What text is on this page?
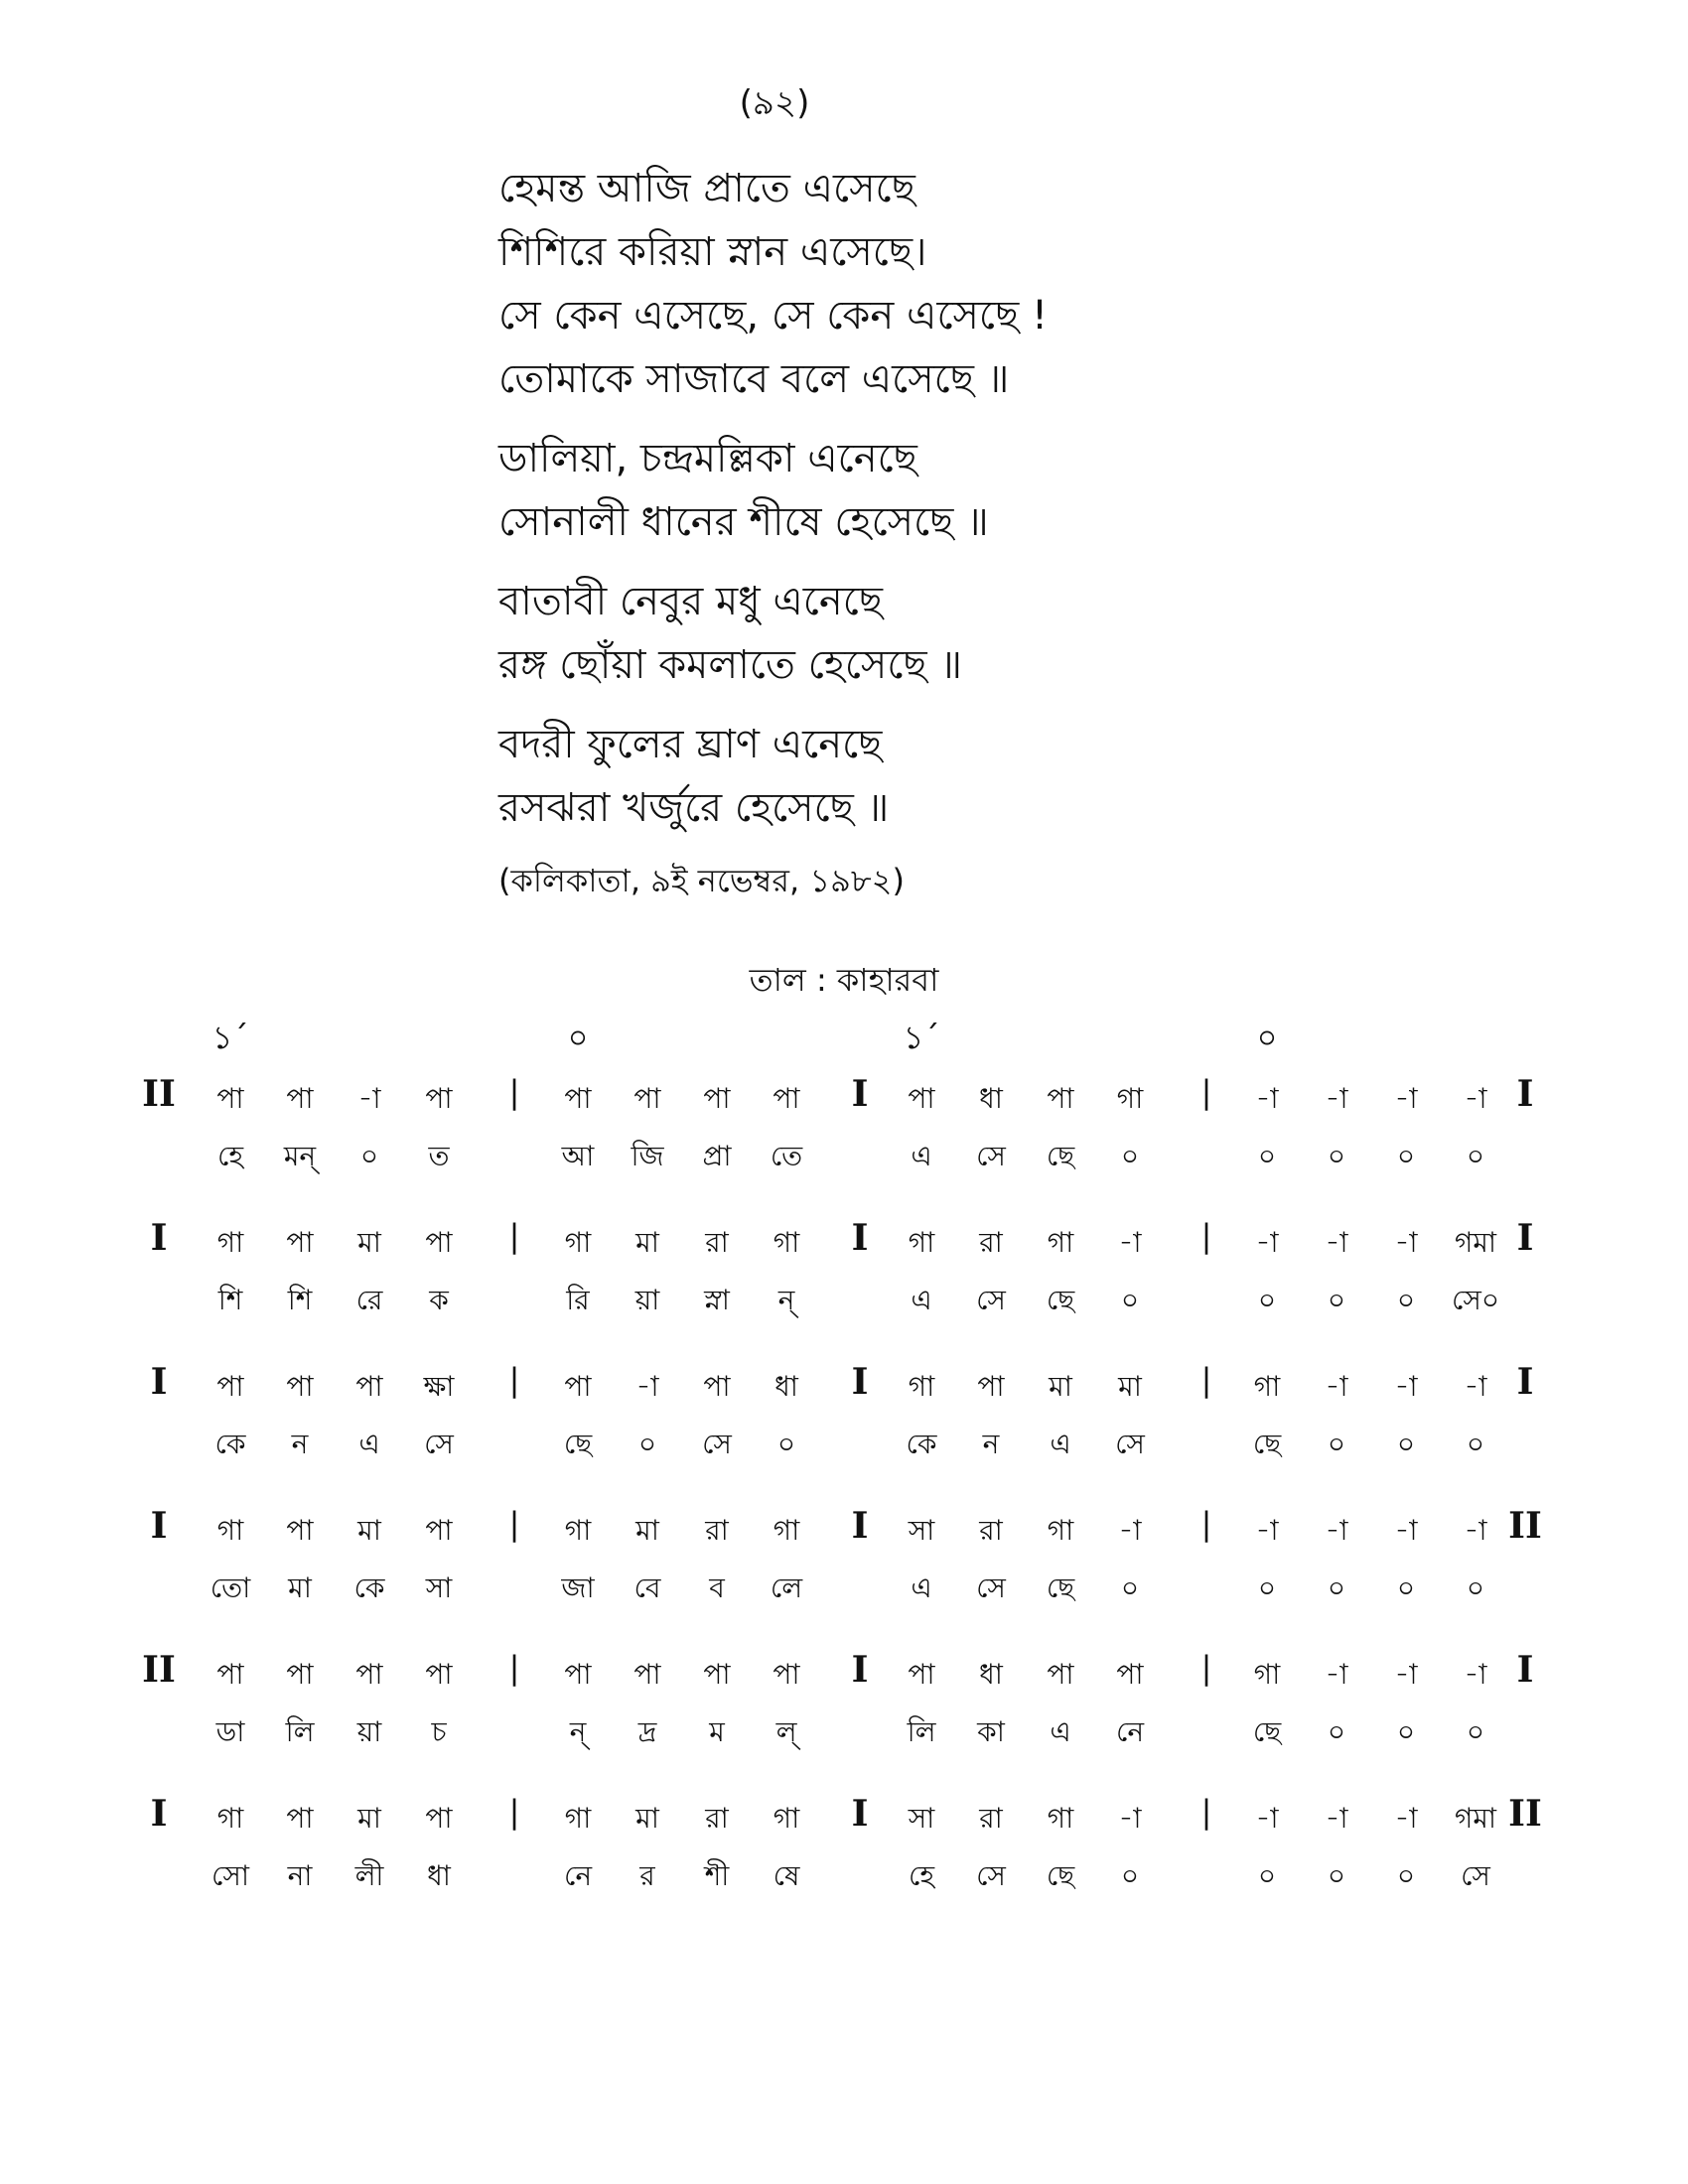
(৯২)
হেমন্ত আজি প্রাতে এসেছে
শিশিরে করিয়া স্নান এসেছে।
সে কেন এসেছে, সে কেন এসেছে !
তোমাকে সাজাবে বলে এসেছে ॥
ডালিয়া, চন্দ্রমল্লিকা এনেছে
সোনালী ধানের শীষে হেসেছে ॥
বাতাবী নেবুর মধু এনেছে
রঙ্গ ছোঁয়া কমলাতে হেসেছে ॥
বদরী ফুলের ঘ্রাণ এনেছে
রসঝরা খর্জুরে হেসেছে ॥
(কলিকাতা, ৯ই নভেম্বর, ১৯৮২)
তাল : কাহারবা
১´	০	১´	০
II	|	I	|	I
পা পা -া পা	পা পা পা পা	পা ধা পা গা	-া -া -া -া
হে মন্ ০ ত	আ জি প্রা তে	এ সে ছে ০	০ ০ ০ ০
I	|	I	|	I
গা পা মা পা	গা মা রা গা	গা রা গা -া	-া -া -া গমা
শি শি রে ক	রি য়া স্না ন্	এ সে ছে ০	০ ০ ০ সে০
I	|	I	|	I
পা পা পা ক্ষা	পা -া পা ধা	গা পা মা মা	গা -া -া -া
কে ন এ সে	ছে ০ সে ০	কে ন এ সে	ছে ০ ০ ০
I	|	I	|	II
গা পা মা পা	গা মা রা গা	সা রা গা -া	-া -া -া -া
তো মা কে সা	জা বে ব লে	এ সে ছে ০	০ ০ ০ ০
II	|	I	|	I
পা পা পা পা	পা পা পা পা	পা ধা পা পা	গা -া -া -া
ডা লি য়া চ	ন্ দ্র ম ল্	লি কা এ নে	ছে ০ ০ ০
I	|	I	|	II
গা পা মা পা	গা মা রা গা	সা রা গা -া	-া -া -া গমা
সো না লী ধা	নে র শী ষে	হে সে ছে ০	০ ০ ০ সে
